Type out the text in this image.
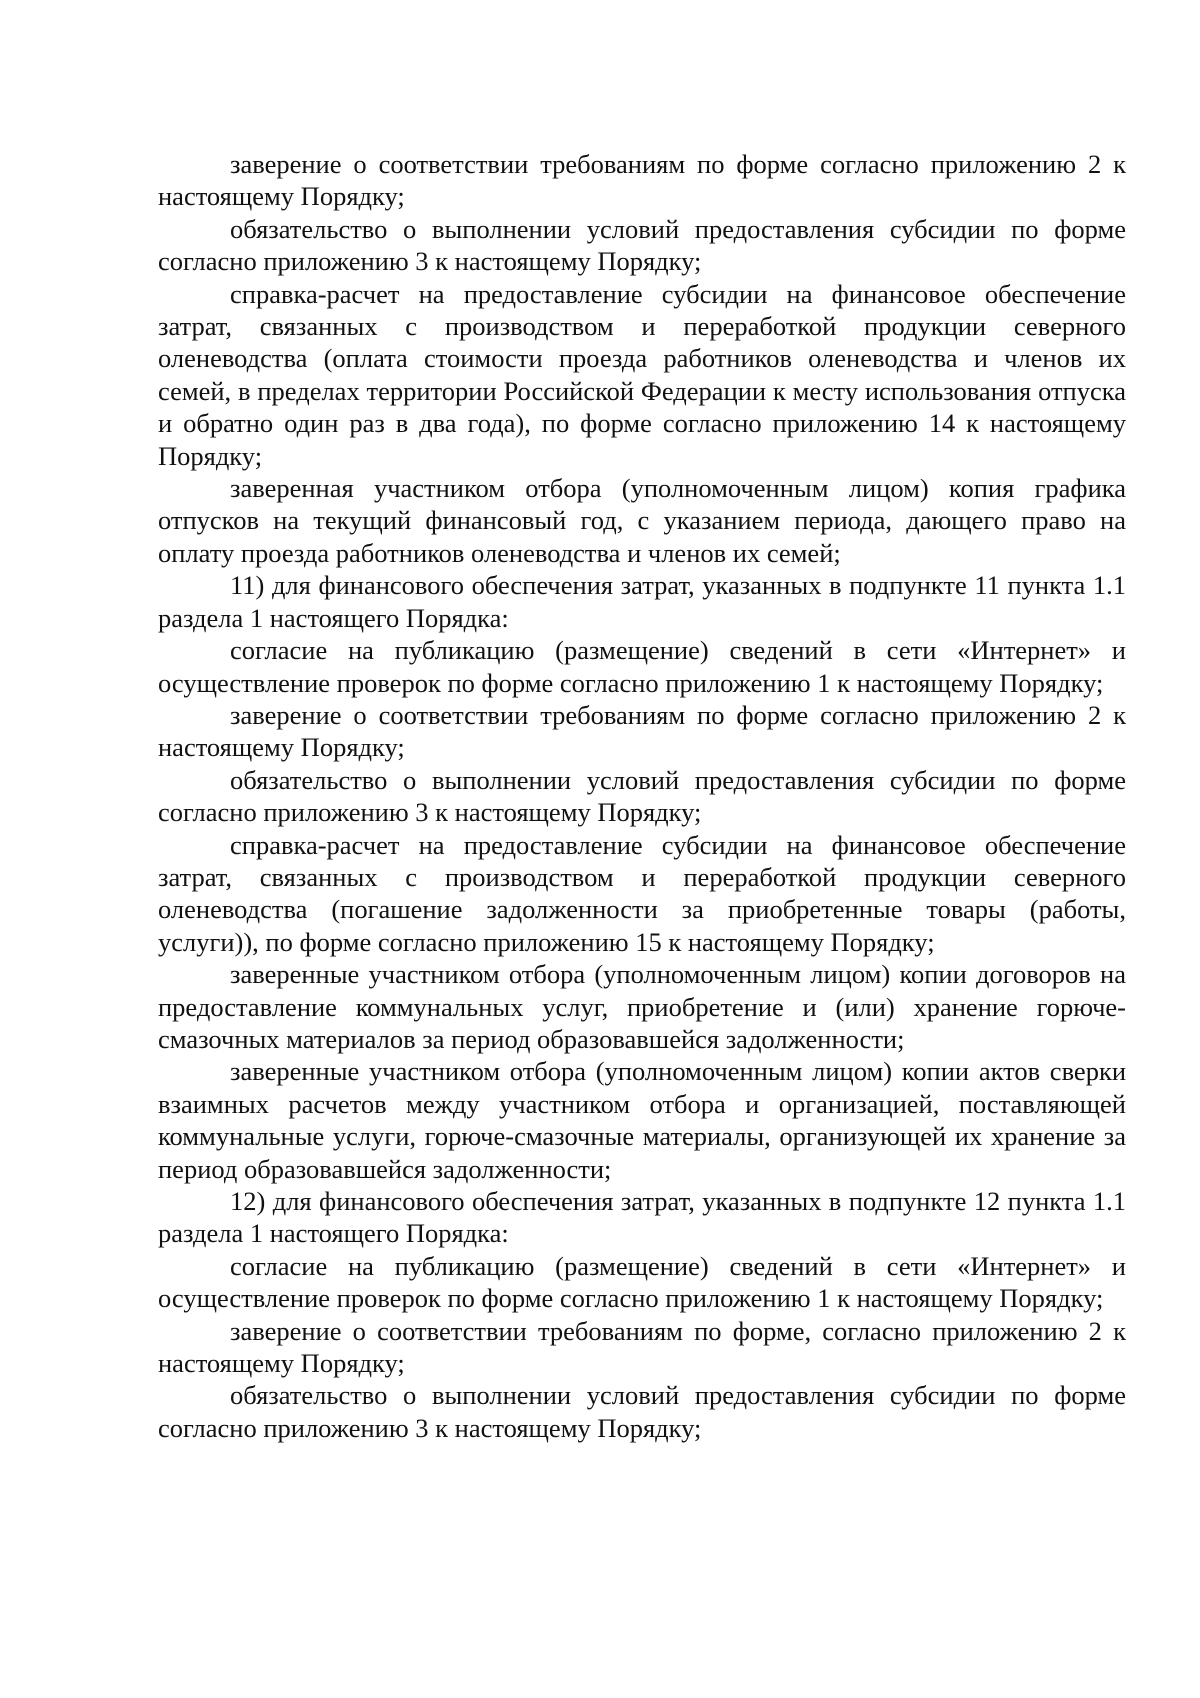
заверение о соответствии требованиям по форме согласно приложению 2 к настоящему Порядку;

обязательство о выполнении условий предоставления субсидии по форме согласно приложению 3 к настоящему Порядку;

справка-расчет на предоставление субсидии на финансовое обеспечение затрат, связанных с производством и переработкой продукции северного оленеводства (оплата стоимости проезда работников оленеводства и членов их семей, в пределах территории Российской Федерации к месту использования отпуска и обратно один раз в два года), по форме согласно приложению 14 к настоящему Порядку;

заверенная участником отбора (уполномоченным лицом) копия графика отпусков на текущий финансовый год, с указанием периода, дающего право на оплату проезда работников оленеводства и членов их семей;

11) для финансового обеспечения затрат, указанных в подпункте 11 пункта 1.1 раздела 1 настоящего Порядка:

согласие на публикацию (размещение) сведений в сети «Интернет» и осуществление проверок по форме согласно приложению 1 к настоящему Порядку;

заверение о соответствии требованиям по форме согласно приложению 2 к настоящему Порядку;

обязательство о выполнении условий предоставления субсидии по форме согласно приложению 3 к настоящему Порядку;

справка-расчет на предоставление субсидии на финансовое обеспечение затрат, связанных с производством и переработкой продукции северного оленеводства (погашение задолженности за приобретенные товары (работы, услуги)), по форме согласно приложению 15 к настоящему Порядку;

заверенные участником отбора (уполномоченным лицом) копии договоров на предоставление коммунальных услуг, приобретение и (или) хранение горюче-смазочных материалов за период образовавшейся задолженности;

заверенные участником отбора (уполномоченным лицом) копии актов сверки взаимных расчетов между участником отбора и организацией, поставляющей коммунальные услуги, горюче-смазочные материалы, организующей их хранение за период образовавшейся задолженности;

12) для финансового обеспечения затрат, указанных в подпункте 12 пункта 1.1 раздела 1 настоящего Порядка:

согласие на публикацию (размещение) сведений в сети «Интернет» и осуществление проверок по форме согласно приложению 1 к настоящему Порядку;

заверение о соответствии требованиям по форме, согласно приложению 2 к настоящему Порядку;

обязательство о выполнении условий предоставления субсидии по форме согласно приложению 3 к настоящему Порядку;
